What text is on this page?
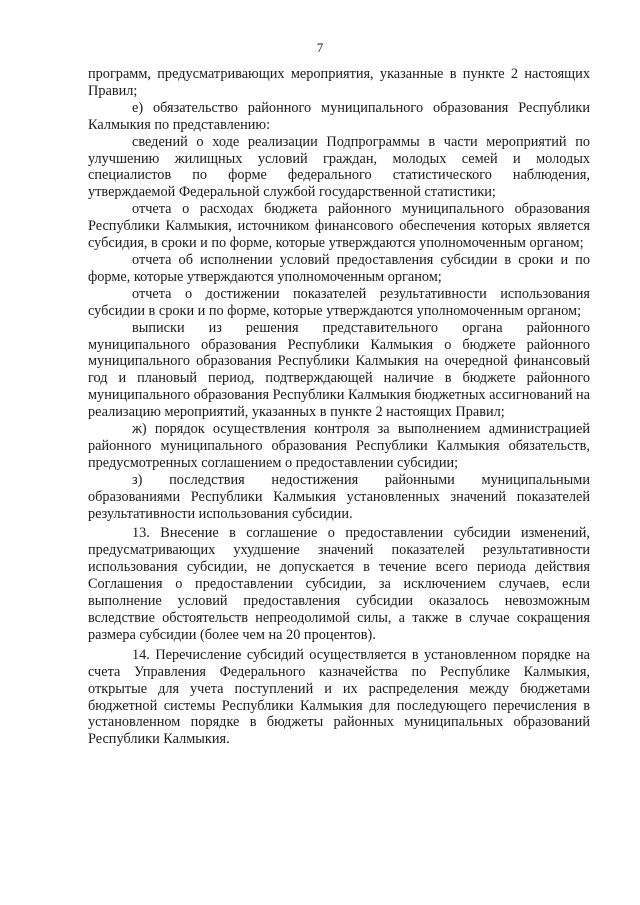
7

программ, предусматривающих мероприятия, указанные в пункте 2 настоящих Правил;

е) обязательство районного муниципального образования Республики Калмыкия по представлению:

сведений о ходе реализации Подпрограммы в части мероприятий по улучшению жилищных условий граждан, молодых семей и молодых специалистов по форме федерального статистического наблюдения, утверждаемой Федеральной службой государственной статистики;

отчета о расходах бюджета районного муниципального образования Республики Калмыкия, источником финансового обеспечения которых является субсидия, в сроки и по форме, которые утверждаются уполномоченным органом;

отчета об исполнении условий предоставления субсидии в сроки и по форме, которые утверждаются уполномоченным органом;

отчета о достижении показателей результативности использования субсидии в сроки и по форме, которые утверждаются уполномоченным органом;

выписки из решения представительного органа районного муниципального образования Республики Калмыкия о бюджете районного муниципального образования Республики Калмыкия на очередной финансовый год и плановый период, подтверждающей наличие в бюджете районного муниципального образования Республики Калмыкия бюджетных ассигнований на реализацию мероприятий, указанных в пункте 2 настоящих Правил;

ж) порядок осуществления контроля за выполнением администрацией районного муниципального образования Республики Калмыкия обязательств, предусмотренных соглашением о предоставлении субсидии;

з) последствия недостижения районными муниципальными образованиями Республики Калмыкия установленных значений показателей результативности использования субсидии.

13. Внесение в соглашение о предоставлении субсидии изменений, предусматривающих ухудшение значений показателей результативности использования субсидии, не допускается в течение всего периода действия Соглашения о предоставлении субсидии, за исключением случаев, если выполнение условий предоставления субсидии оказалось невозможным вследствие обстоятельств непреодолимой силы, а также в случае сокращения размера субсидии (более чем на 20 процентов).

14. Перечисление субсидий осуществляется в установленном порядке на счета Управления Федерального казначейства по Республике Калмыкия, открытые для учета поступлений и их распределения между бюджетами бюджетной системы Республики Калмыкия для последующего перечисления в установленном порядке в бюджеты районных муниципальных образований Республики Калмыкия.
